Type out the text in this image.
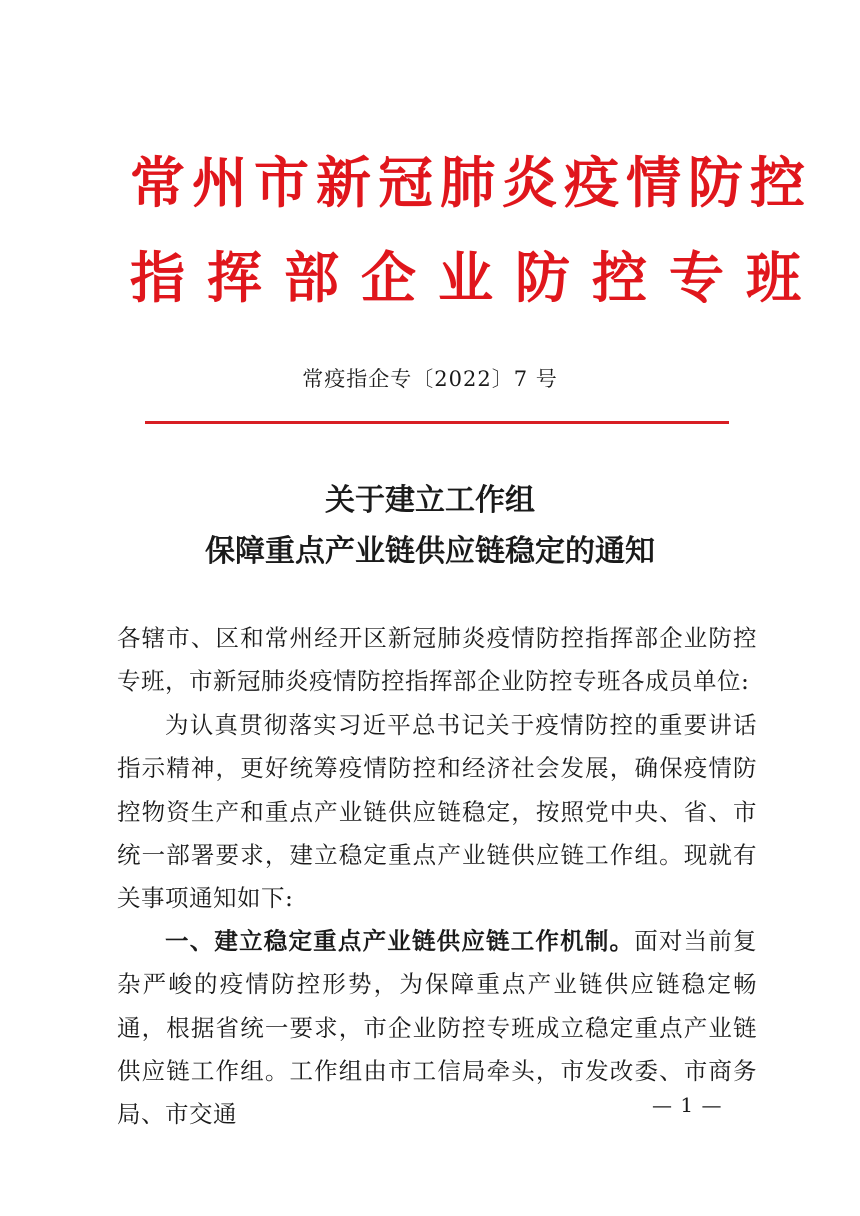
常州市新冠肺炎疫情防控
指挥部企业防控专班
常疫指企专〔2022〕7 号
关于建立工作组
保障重点产业链供应链稳定的通知
各辖市、区和常州经开区新冠肺炎疫情防控指挥部企业防控专班，市新冠肺炎疫情防控指挥部企业防控专班各成员单位:
为认真贯彻落实习近平总书记关于疫情防控的重要讲话指示精神，更好统筹疫情防控和经济社会发展，确保疫情防控物资生产和重点产业链供应链稳定，按照党中央、省、市统一部署要求，建立稳定重点产业链供应链工作组。现就有关事项通知如下:
一、建立稳定重点产业链供应链工作机制。面对当前复杂严峻的疫情防控形势，为保障重点产业链供应链稳定畅通，根据省统一要求，市企业防控专班成立稳定重点产业链供应链工作组。工作组由市工信局牵头，市发改委、市商务局、市交通	— 1 —
